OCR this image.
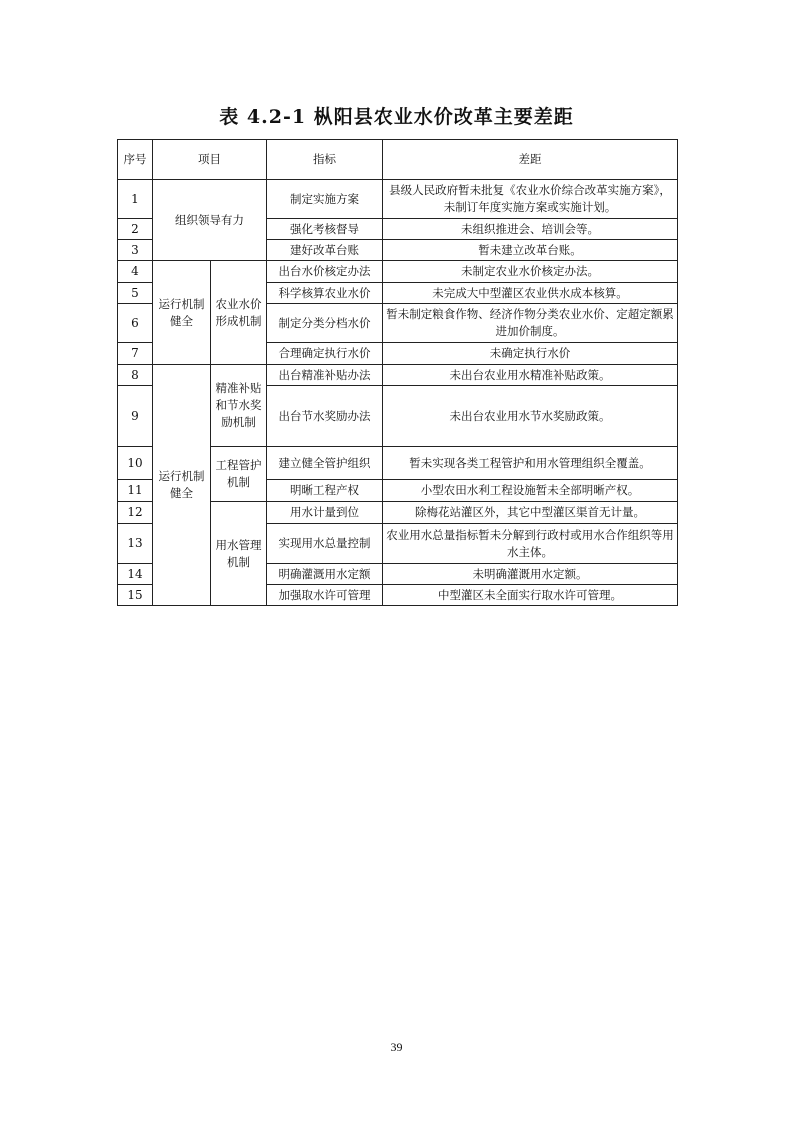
表 4.2-1 枞阳县农业水价改革主要差距
序号	项目		指标	差距
1	组织领导有力		制定实施方案	县级人民政府暂未批复《农业水价综合改革实施方案》，未制订年度实施方案或实施计划。
2			强化考核督导	未组织推进会、培训会等。
3			建好改革台账	暂未建立改革台账。
4	运行机制健全	农业水价形成机制	出台水价核定办法	未制定农业水价核定办法。
5			科学核算农业水价	未完成大中型灌区农业供水成本核算。
6			制定分类分档水价	暂未制定粮食作物、经济作物分类农业水价、定超定额累进加价制度。
7			合理确定执行水价	未确定执行水价
8	运行机制健全	精准补贴和节水奖励机制	出台精准补贴办法	未出台农业用水精准补贴政策。
9			出台节水奖励办法	未出台农业用水节水奖励政策。
10		工程管护机制	建立健全管护组织	暂未实现各类工程管护和用水管理组织全覆盖。
11			明晰工程产权	小型农田水利工程设施暂未全部明晰产权。
12		用水管理机制	用水计量到位	除梅花站灌区外，其它中型灌区渠首无计量。
13			实现用水总量控制	农业用水总量指标暂未分解到行政村或用水合作组织等用水主体。
14			明确灌溉用水定额	未明确灌溉用水定额。
15			加强取水许可管理	中型灌区未全面实行取水许可管理。
39
